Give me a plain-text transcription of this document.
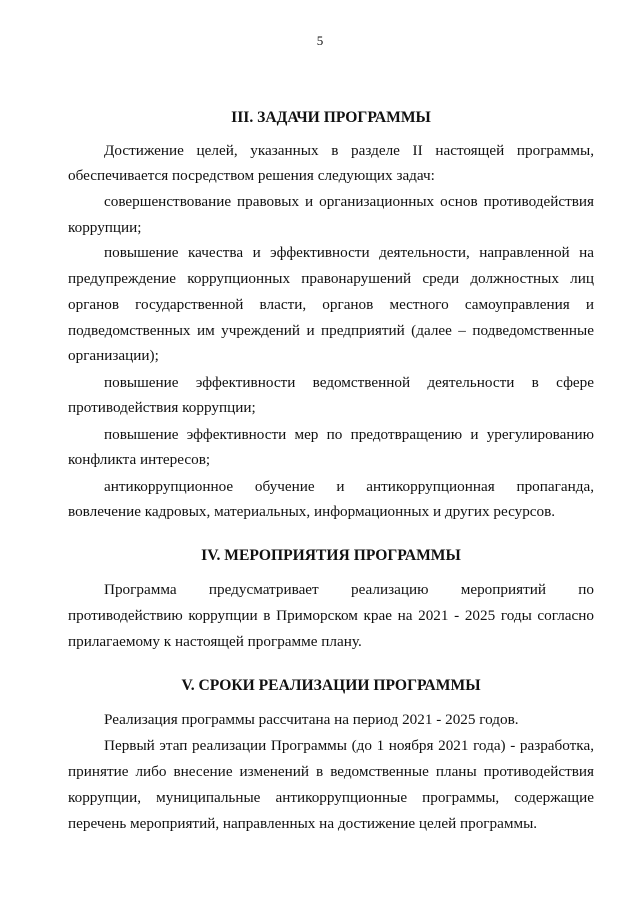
5
III. ЗАДАЧИ ПРОГРАММЫ
Достижение целей, указанных в разделе II настоящей программы,
обеспечивается посредством решения следующих задач:
совершенствование правовых и организационных основ противодействия
коррупции;
повышение качества и эффективности деятельности, направленной на
предупреждение коррупционных правонарушений среди должностных лиц
органов государственной власти, органов местного самоуправления и
подведомственных им учреждений и предприятий (далее – подведомственные
организации);
повышение эффективности ведомственной деятельности в сфере
противодействия коррупции;
повышение эффективности мер по предотвращению и урегулированию
конфликта интересов;
антикоррупционное обучение и антикоррупционная пропаганда,
вовлечение кадровых, материальных, информационных и других ресурсов.
IV. МЕРОПРИЯТИЯ ПРОГРАММЫ
Программа предусматривает реализацию мероприятий по
противодействию коррупции в Приморском крае на 2021 - 2025 годы согласно
прилагаемому к настоящей программе плану.
V. СРОКИ РЕАЛИЗАЦИИ ПРОГРАММЫ
Реализация программы рассчитана на период 2021 - 2025 годов.
Первый этап реализации Программы (до 1 ноября 2021 года) - разработка,
принятие либо внесение изменений в ведомственные планы противодействия
коррупции, муниципальные антикоррупционные программы, содержащие
перечень мероприятий, направленных на достижение целей программы.
